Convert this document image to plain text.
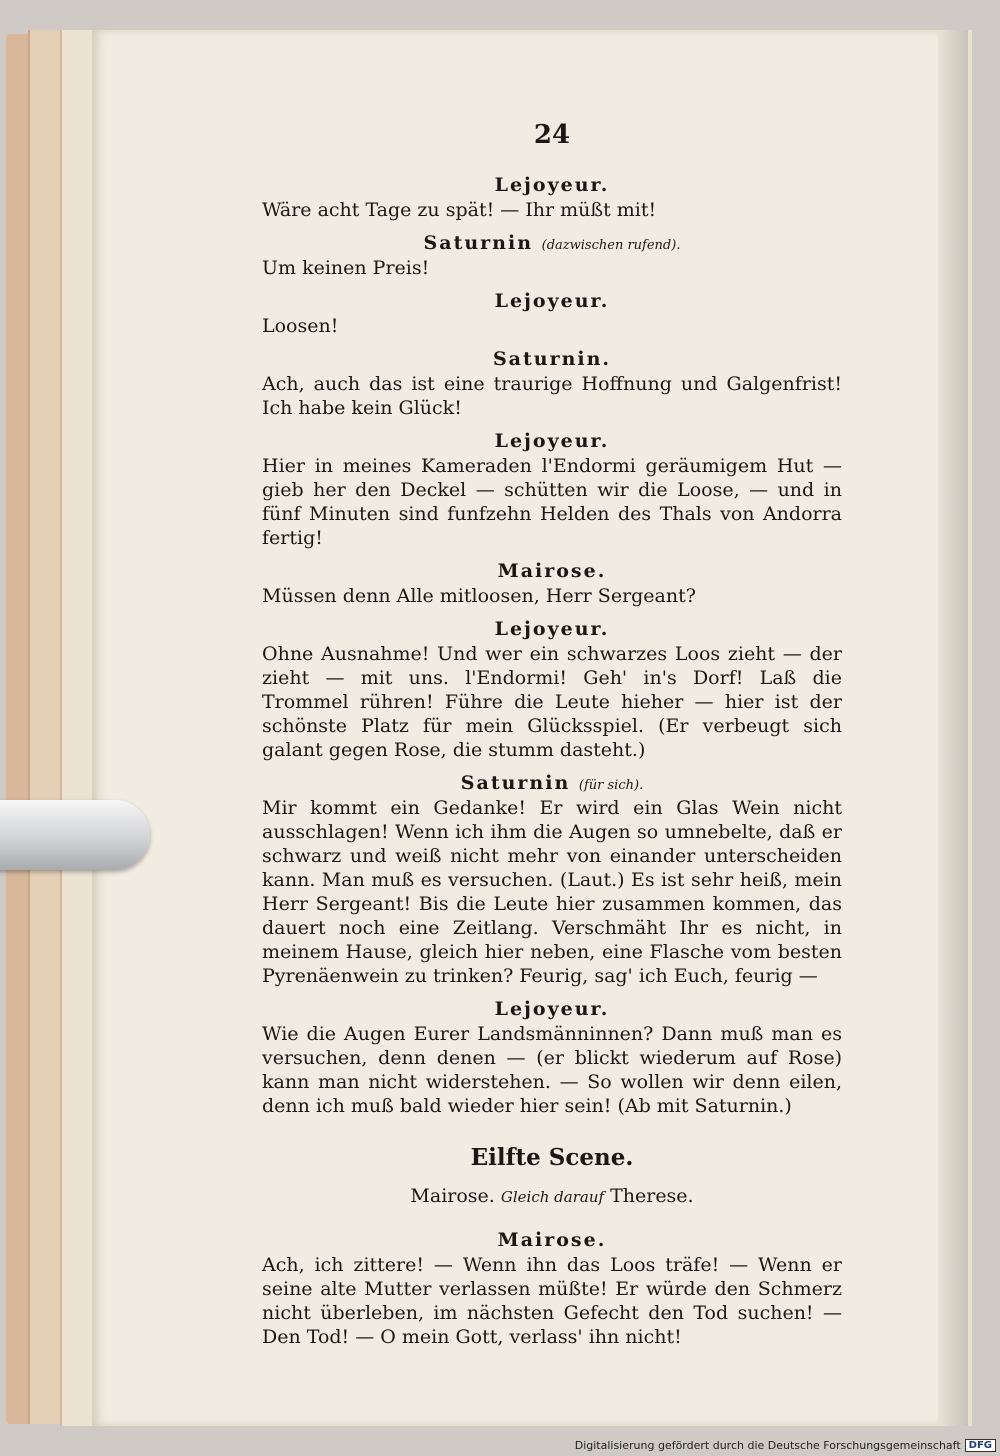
24
Lejoyeur.

Wäre acht Tage zu spät! — Ihr müßt mit!

Saturnin (dazwischen rufend).

Um keinen Preis!

Lejoyeur.

Loosen!

Saturnin.

Ach, auch das ist eine traurige Hoffnung und Galgenfrist! Ich habe kein Glück!

Lejoyeur.

Hier in meines Kameraden l'Endormi geräumigem Hut — gieb her den Deckel — schütten wir die Loose, — und in fünf Minuten sind funfzehn Helden des Thals von Andorra fertig!

Mairose.

Müssen denn Alle mitloosen, Herr Sergeant?

Lejoyeur.

Ohne Ausnahme! Und wer ein schwarzes Loos zieht — der zieht — mit uns. l'Endormi! Geh' in's Dorf! Laß die Trommel rühren! Führe die Leute hieher — hier ist der schönste Platz für mein Glücksspiel. (Er verbeugt sich galant gegen Rose, die stumm dasteht.)

Saturnin (für sich).

Mir kommt ein Gedanke! Er wird ein Glas Wein nicht ausschlagen! Wenn ich ihm die Augen so umnebelte, daß er schwarz und weiß nicht mehr von einander unterscheiden kann. Man muß es versuchen. (Laut.) Es ist sehr heiß, mein Herr Sergeant! Bis die Leute hier zusammen kommen, das dauert noch eine Zeitlang. Verschmäht Ihr es nicht, in meinem Hause, gleich hier neben, eine Flasche vom besten Pyrenäenwein zu trinken? Feurig, sag' ich Euch, feurig —

Lejoyeur.

Wie die Augen Eurer Landsmänninnen? Dann muß man es versuchen, denn denen — (er blickt wiederum auf Rose) kann man nicht widerstehen. — So wollen wir denn eilen, denn ich muß bald wieder hier sein! (Ab mit Saturnin.)

Eilfte Scene.
Mairose. Gleich darauf Therese.
Mairose.

Ach, ich zittere! — Wenn ihn das Loos träfe! — Wenn er seine alte Mutter verlassen müßte! Er würde den Schmerz nicht überleben, im nächsten Gefecht den Tod suchen! — Den Tod! — O mein Gott, verlass' ihn nicht!

Digitalisierung gefördert durch die Deutsche Forschungsgemeinschaft DFG
